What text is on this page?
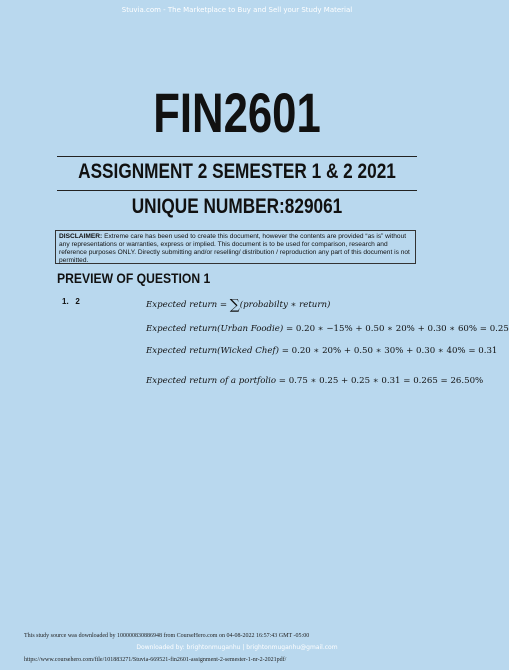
Stuvia.com - The Marketplace to Buy and Sell your Study Material
FIN2601
ASSIGNMENT 2 SEMESTER 1 & 2 2021
UNIQUE NUMBER:829061
DISCLAIMER: Extreme care has been used to create this document, however the contents are provided “as is” without any representations or warranties, express or implied. This document is to be used for comparison, research and reference purposes ONLY. Directly submitting and/or reselling/ distribution / reproduction any part of this document is not permitted.
PREVIEW OF QUESTION 1
1. 2	Expected return = ∑(probabilty ∗ return)
Expected return(Urban Foodie) = 0.20 ∗ −15% + 0.50 ∗ 20% + 0.30 ∗ 60% = 0.25
Expected return(Wicked Chef) = 0.20 ∗ 20% + 0.50 ∗ 30% + 0.30 ∗ 40% = 0.31
Expected return of a portfolio = 0.75 ∗ 0.25 + 0.25 ∗ 0.31 = 0.265 = 26.50%
This study source was downloaded by 100000830886948 from CourseHero.com on 04-08-2022 16:57:43 GMT -05:00
Downloaded by: brightonmuganhu | brightonmuganhu@gmail.com
https://www.coursehero.com/file/101883271/Stuvia-669521-fin2601-assignment-2-semester-1-nr-2-2021pdf/
